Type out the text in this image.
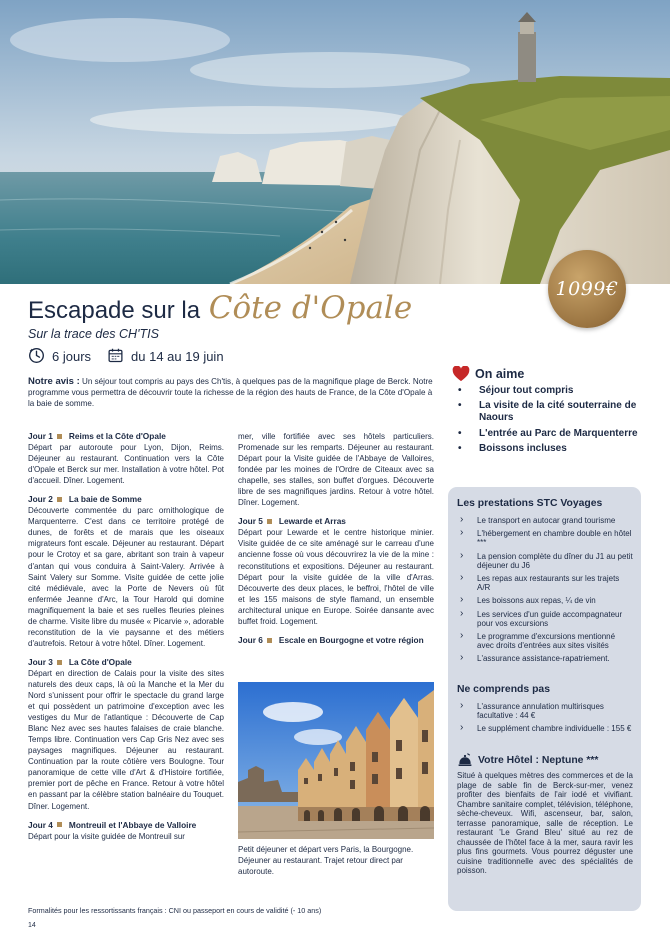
1099€
Escapade sur la Côte d'Opale
Sur la trace des CH'TIS
6 jours	du 14 au 19 juin
Notre avis : Un séjour tout compris au pays des Ch'tis, à quelques pas de la magnifique plage de Berck. Notre programme vous permettra de découvrir toute la richesse de la région des hauts de France, de la Côte d'Opale à la baie de somme.
Jour 1 Reims et la Côte d'Opale
Départ par autoroute pour Lyon, Dijon, Reims. Déjeuner au restaurant. Continuation vers la Côte d'Opale et Berck sur mer. Installation à votre hôtel. Pot d'accueil. Dîner. Logement.
Jour 2 La baie de Somme
Découverte commentée du parc ornithologique de Marquenterre. C'est dans ce territoire protégé de dunes, de forêts et de marais que les oiseaux migrateurs font escale. Déjeuner au restaurant. Départ pour le Crotoy et sa gare, abritant son train à vapeur d'antan qui vous conduira à Saint-Valery. Arrivée à Saint Valery sur Somme. Visite guidée de cette jolie cité médiévale, avec la Porte de Nevers où fût enfermée Jeanne d'Arc, la Tour Harold qui domine magnifiquement la baie et ses ruelles fleuries pleines de charme. Visite libre du musée « Picarvie », adorable reconstitution de la vie paysanne et des métiers d'autrefois. Retour à votre hôtel. Dîner. Logement.
Jour 3 La Côte d'Opale
Départ en direction de Calais pour la visite des sites naturels des deux caps, là où la Manche et la Mer du Nord s'unissent pour offrir le spectacle du grand large et qui possèdent un patrimoine d'exception avec les vestiges du Mur de l'atlantique : Découverte de Cap Blanc Nez avec ses hautes falaises de craie blanche. Temps libre. Continuation vers Cap Gris Nez avec ses paysages magnifiques. Déjeuner au restaurant. Continuation par la route côtière vers Boulogne. Tour panoramique de cette ville d'Art & d'Histoire fortifiée, premier port de pêche en France. Retour à votre hôtel en passant par la célèbre station balnéaire du Touquet. Dîner. Logement.
Jour 4 Montreuil et l'Abbaye de Valloire
Départ pour la visite guidée de Montreuil sur
mer, ville fortifiée avec ses hôtels particuliers. Promenade sur les remparts. Déjeuner au restaurant. Départ pour la Visite guidée de l'Abbaye de Valloires, fondée par les moines de l'Ordre de Citeaux avec sa chapelle, ses stalles, son buffet d'orgues. Découverte libre de ses magnifiques jardins. Retour à votre hôtel. Dîner. Logement.
Jour 5 Lewarde et Arras
Départ pour Lewarde et le centre historique minier. Visite guidée de ce site aménagé sur le carreau d'une ancienne fosse où vous découvrirez la vie de la mine : reconstitutions et expositions. Déjeuner au restaurant. Départ pour la visite guidée de la ville d'Arras. Découverte des deux places, le beffroi, l'hôtel de ville et les 155 maisons de style flamand, un ensemble architectural unique en Europe. Soirée dansante avec buffet froid. Logement.
Jour 6 Escale en Bourgogne et votre région
Petit déjeuner et départ vers Paris, la Bourgogne. Déjeuner au restaurant. Trajet retour direct par autoroute.
Formalités pour les ressortissants français : CNI ou passeport en cours de validité (- 10 ans)
14
On aime
• Séjour tout compris
• La visite de la cité souterraine de Naours
• L'entrée au Parc de Marquenterre
• Boissons incluses
Les prestations STC Voyages
› Le transport en autocar grand tourisme
› L'hébergement en chambre double en hôtel ***
› La pension complète du dîner du J1 au petit déjeuner du J6
› Les repas aux restaurants sur les trajets A/R
› Les boissons aux repas, ¼ de vin
› Les services d'un guide accompagnateur pour vos excursions
› Le programme d'excursions mentionné avec droits d'entrées aux sites visités
› L'assurance assistance-rapatriement.
Ne comprends pas
› L'assurance annulation multirisques facultative : 44 €
› Le supplément chambre individuelle : 155 €
Votre Hôtel : Neptune ***
Situé à quelques mètres des commerces et de la plage de sable fin de Berck-sur-mer, venez profiter des bienfaits de l'air iodé et vivifiant. Chambre sanitaire complet, télévision, téléphone, sèche-cheveux. Wifi, ascenseur, bar, salon, terrasse panoramique, salle de réception. Le restaurant 'Le Grand Bleu' situé au rez de chaussée de l'hôtel face à la mer, saura ravir les plus fins gourmets. Vous pourrez déguster une cuisine traditionnelle avec des spécialités de poisson.
